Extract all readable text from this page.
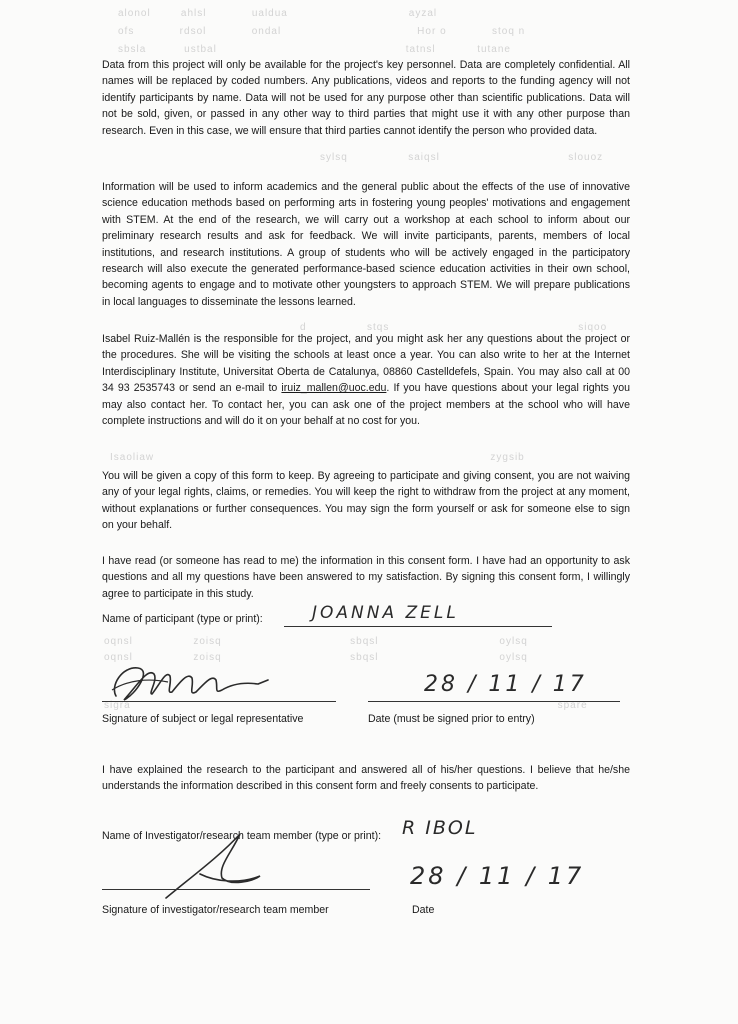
alonol        ahlsl            ualdua                                ayzal
ofs            rdsol            ondal                                    Hor o            stoq n
sbsla          ustbal                                                  tatnsl           tutane
sylsq                saiqsl                                  slouoz
d                stqs                                                  siqoo
Isaoliaw                                                                                         zygsib
oqnsl                zoisq                                  sbqsl                                oylsq
oqnsl                zoisq                                  sbqsl                                oylsq
sigra                                                                                                                 spare

Data from this project will only be available for the project's key personnel. Data are completely confidential. All names will be replaced by coded numbers. Any publications, videos and reports to the funding agency will not identify participants by name. Data will not be used for any purpose other than scientific publications. Data will not be sold, given, or passed in any other way to third parties that might use it with any other purpose than research. Even in this case, we will ensure that third parties cannot identify the person who provided data.

Information will be used to inform academics and the general public about the effects of the use of innovative science education methods based on performing arts in fostering young peoples' motivations and engagement with STEM. At the end of the research, we will carry out a workshop at each school to inform about our preliminary research results and ask for feedback. We will invite participants, parents, members of local institutions, and research institutions. A group of students who will be actively engaged in the participatory research will also execute the generated performance-based science education activities in their own school, becoming agents to engage and to motivate other youngsters to approach STEM. We will prepare publications in local languages to disseminate the lessons learned.

Isabel Ruiz-Mallén is the responsible for the project, and you might ask her any questions about the project or the procedures. She will be visiting the schools at least once a year. You can also write to her at the Internet Interdisciplinary Institute, Universitat Oberta de Catalunya, 08860 Castelldefels, Spain. You may also call at 00 34 93 2535743 or send an e-mail to iruiz_mallen@uoc.edu. If you have questions about your legal rights you may also contact her. To contact her, you can ask one of the project members at the school who will have complete instructions and will do it on your behalf at no cost for you.

You will be given a copy of this form to keep. By agreeing to participate and giving consent, you are not waiving any of your legal rights, claims, or remedies. You will keep the right to withdraw from the project at any moment, without explanations or further consequences. You may sign the form yourself or ask for someone else to sign on your behalf.

I have read (or someone has read to me) the information in this consent form. I have had an opportunity to ask questions and all my questions have been answered to my satisfaction. By signing this consent form, I willingly agree to participate in this study.

Name of participant (type or print):	JOANNA ZELL
28 / 11 / 17
Signature of subject or legal representative	Date (must be signed prior to entry)

I have explained the research to the participant and answered all of his/her questions. I believe that he/she understands the information described in this consent form and freely consents to participate.

Name of Investigator/research team member (type or print): R IBOL
28 / 11 / 17
Signature of investigator/research team member	Date
